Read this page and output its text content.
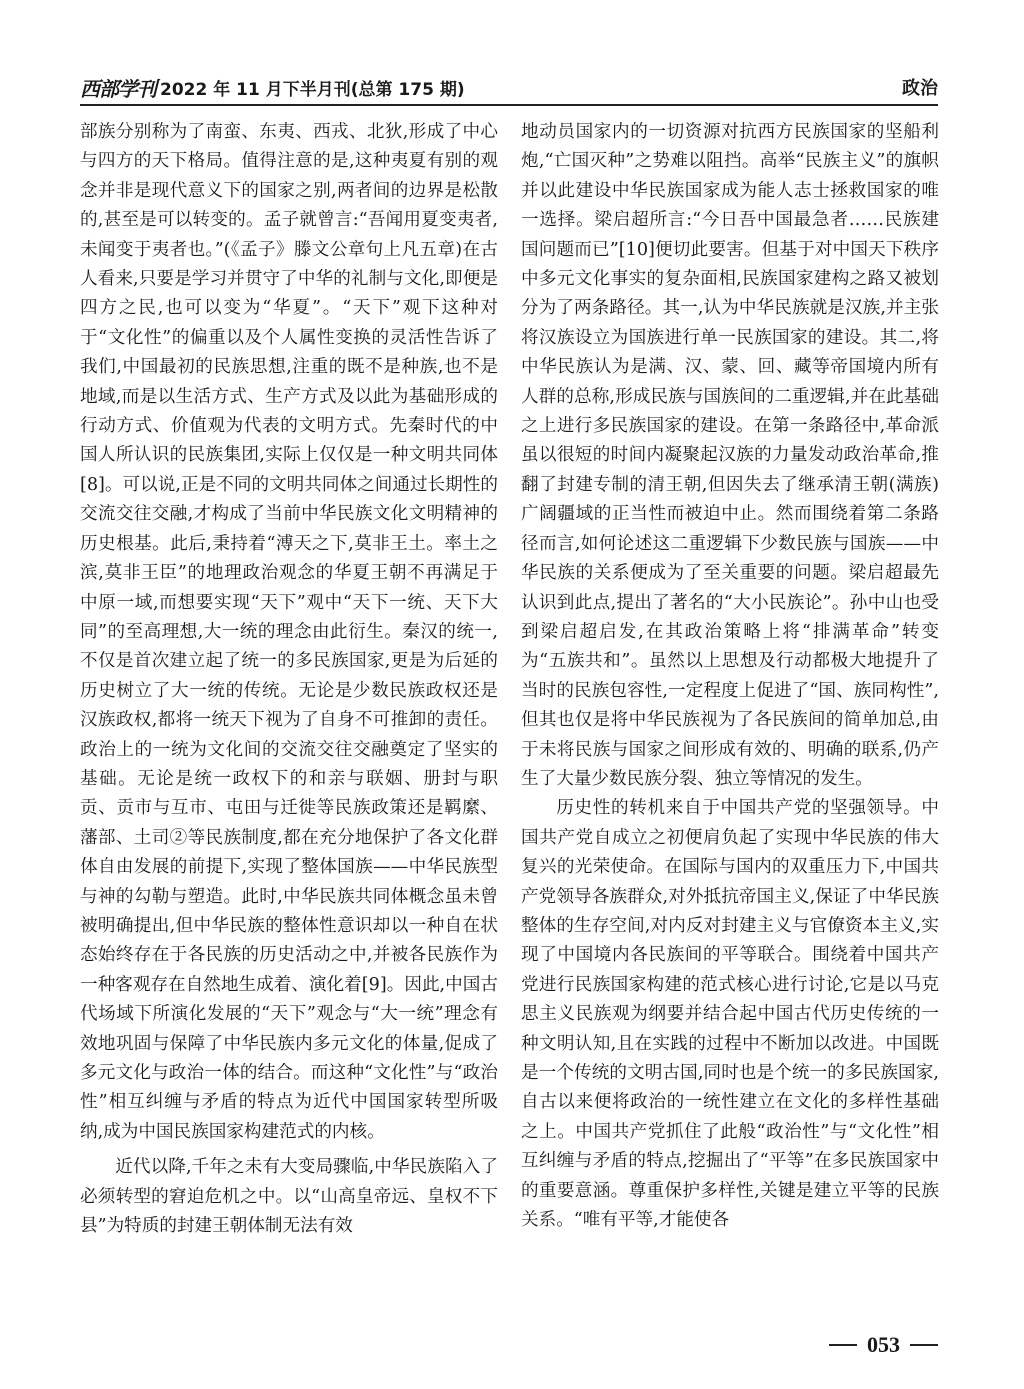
西部学刊 2022 年 11 月下半月刊(总第 175 期)	政治

部族分别称为了南蛮、东夷、西戎、北狄,形成了中心与四方的天下格局。值得注意的是,这种夷夏有别的观念并非是现代意义下的国家之别,两者间的边界是松散的,甚至是可以转变的。孟子就曾言:“吾闻用夏变夷者,未闻变于夷者也。”(《孟子》滕文公章句上凡五章)在古人看来,只要是学习并贯守了中华的礼制与文化,即便是四方之民,也可以变为“华夏”。“天下”观下这种对于“文化性”的偏重以及个人属性变换的灵活性告诉了我们,中国最初的民族思想,注重的既不是种族,也不是地域,而是以生活方式、生产方式及以此为基础形成的行动方式、价值观为代表的文明方式。先秦时代的中国人所认识的民族集团,实际上仅仅是一种文明共同体[8]。可以说,正是不同的文明共同体之间通过长期性的交流交往交融,才构成了当前中华民族文化文明精神的历史根基。此后,秉持着“溥天之下,莫非王土。率土之滨,莫非王臣”的地理政治观念的华夏王朝不再满足于中原一域,而想要实现“天下”观中“天下一统、天下大同”的至高理想,大一统的理念由此衍生。秦汉的统一,不仅是首次建立起了统一的多民族国家,更是为后延的历史树立了大一统的传统。无论是少数民族政权还是汉族政权,都将一统天下视为了自身不可推卸的责任。政治上的一统为文化间的交流交往交融奠定了坚实的基础。无论是统一政权下的和亲与联姻、册封与职贡、贡市与互市、屯田与迁徙等民族政策还是羁縻、藩部、土司②等民族制度,都在充分地保护了各文化群体自由发展的前提下,实现了整体国族——中华民族型与神的勾勒与塑造。此时,中华民族共同体概念虽未曾被明确提出,但中华民族的整体性意识却以一种自在状态始终存在于各民族的历史活动之中,并被各民族作为一种客观存在自然地生成着、演化着[9]。因此,中国古代场域下所演化发展的“天下”观念与“大一统”理念有效地巩固与保障了中华民族内多元文化的体量,促成了多元文化与政治一体的结合。而这种“文化性”与“政治性”相互纠缠与矛盾的特点为近代中国国家转型所吸纳,成为中国民族国家构建范式的内核。

近代以降,千年之未有大变局骤临,中华民族陷入了必须转型的窘迫危机之中。以“山高皇帝远、皇权不下县”为特质的封建王朝体制无法有效

地动员国家内的一切资源对抗西方民族国家的坚船利炮,“亡国灭种”之势难以阻挡。高举“民族主义”的旗帜并以此建设中华民族国家成为能人志士拯救国家的唯一选择。梁启超所言:“今日吾中国最急者……民族建国问题而已”[10]便切此要害。但基于对中国天下秩序中多元文化事实的复杂面相,民族国家建构之路又被划分为了两条路径。其一,认为中华民族就是汉族,并主张将汉族设立为国族进行单一民族国家的建设。其二,将中华民族认为是满、汉、蒙、回、藏等帝国境内所有人群的总称,形成民族与国族间的二重逻辑,并在此基础之上进行多民族国家的建设。在第一条路径中,革命派虽以很短的时间内凝聚起汉族的力量发动政治革命,推翻了封建专制的清王朝,但因失去了继承清王朝(满族)广阔疆域的正当性而被迫中止。然而围绕着第二条路径而言,如何论述这二重逻辑下少数民族与国族——中华民族的关系便成为了至关重要的问题。梁启超最先认识到此点,提出了著名的“大小民族论”。孙中山也受到梁启超启发,在其政治策略上将“排满革命”转变为“五族共和”。虽然以上思想及行动都极大地提升了当时的民族包容性,一定程度上促进了“国、族同构性”,但其也仅是将中华民族视为了各民族间的简单加总,由于未将民族与国家之间形成有效的、明确的联系,仍产生了大量少数民族分裂、独立等情况的发生。

历史性的转机来自于中国共产党的坚强领导。中国共产党自成立之初便肩负起了实现中华民族的伟大复兴的光荣使命。在国际与国内的双重压力下,中国共产党领导各族群众,对外抵抗帝国主义,保证了中华民族整体的生存空间,对内反对封建主义与官僚资本主义,实现了中国境内各民族间的平等联合。围绕着中国共产党进行民族国家构建的范式核心进行讨论,它是以马克思主义民族观为纲要并结合起中国古代历史传统的一种文明认知,且在实践的过程中不断加以改进。中国既是一个传统的文明古国,同时也是个统一的多民族国家,自古以来便将政治的一统性建立在文化的多样性基础之上。中国共产党抓住了此般“政治性”与“文化性”相互纠缠与矛盾的特点,挖掘出了“平等”在多民族国家中的重要意涵。尊重保护多样性,关键是建立平等的民族关系。“唯有平等,才能使各

053
